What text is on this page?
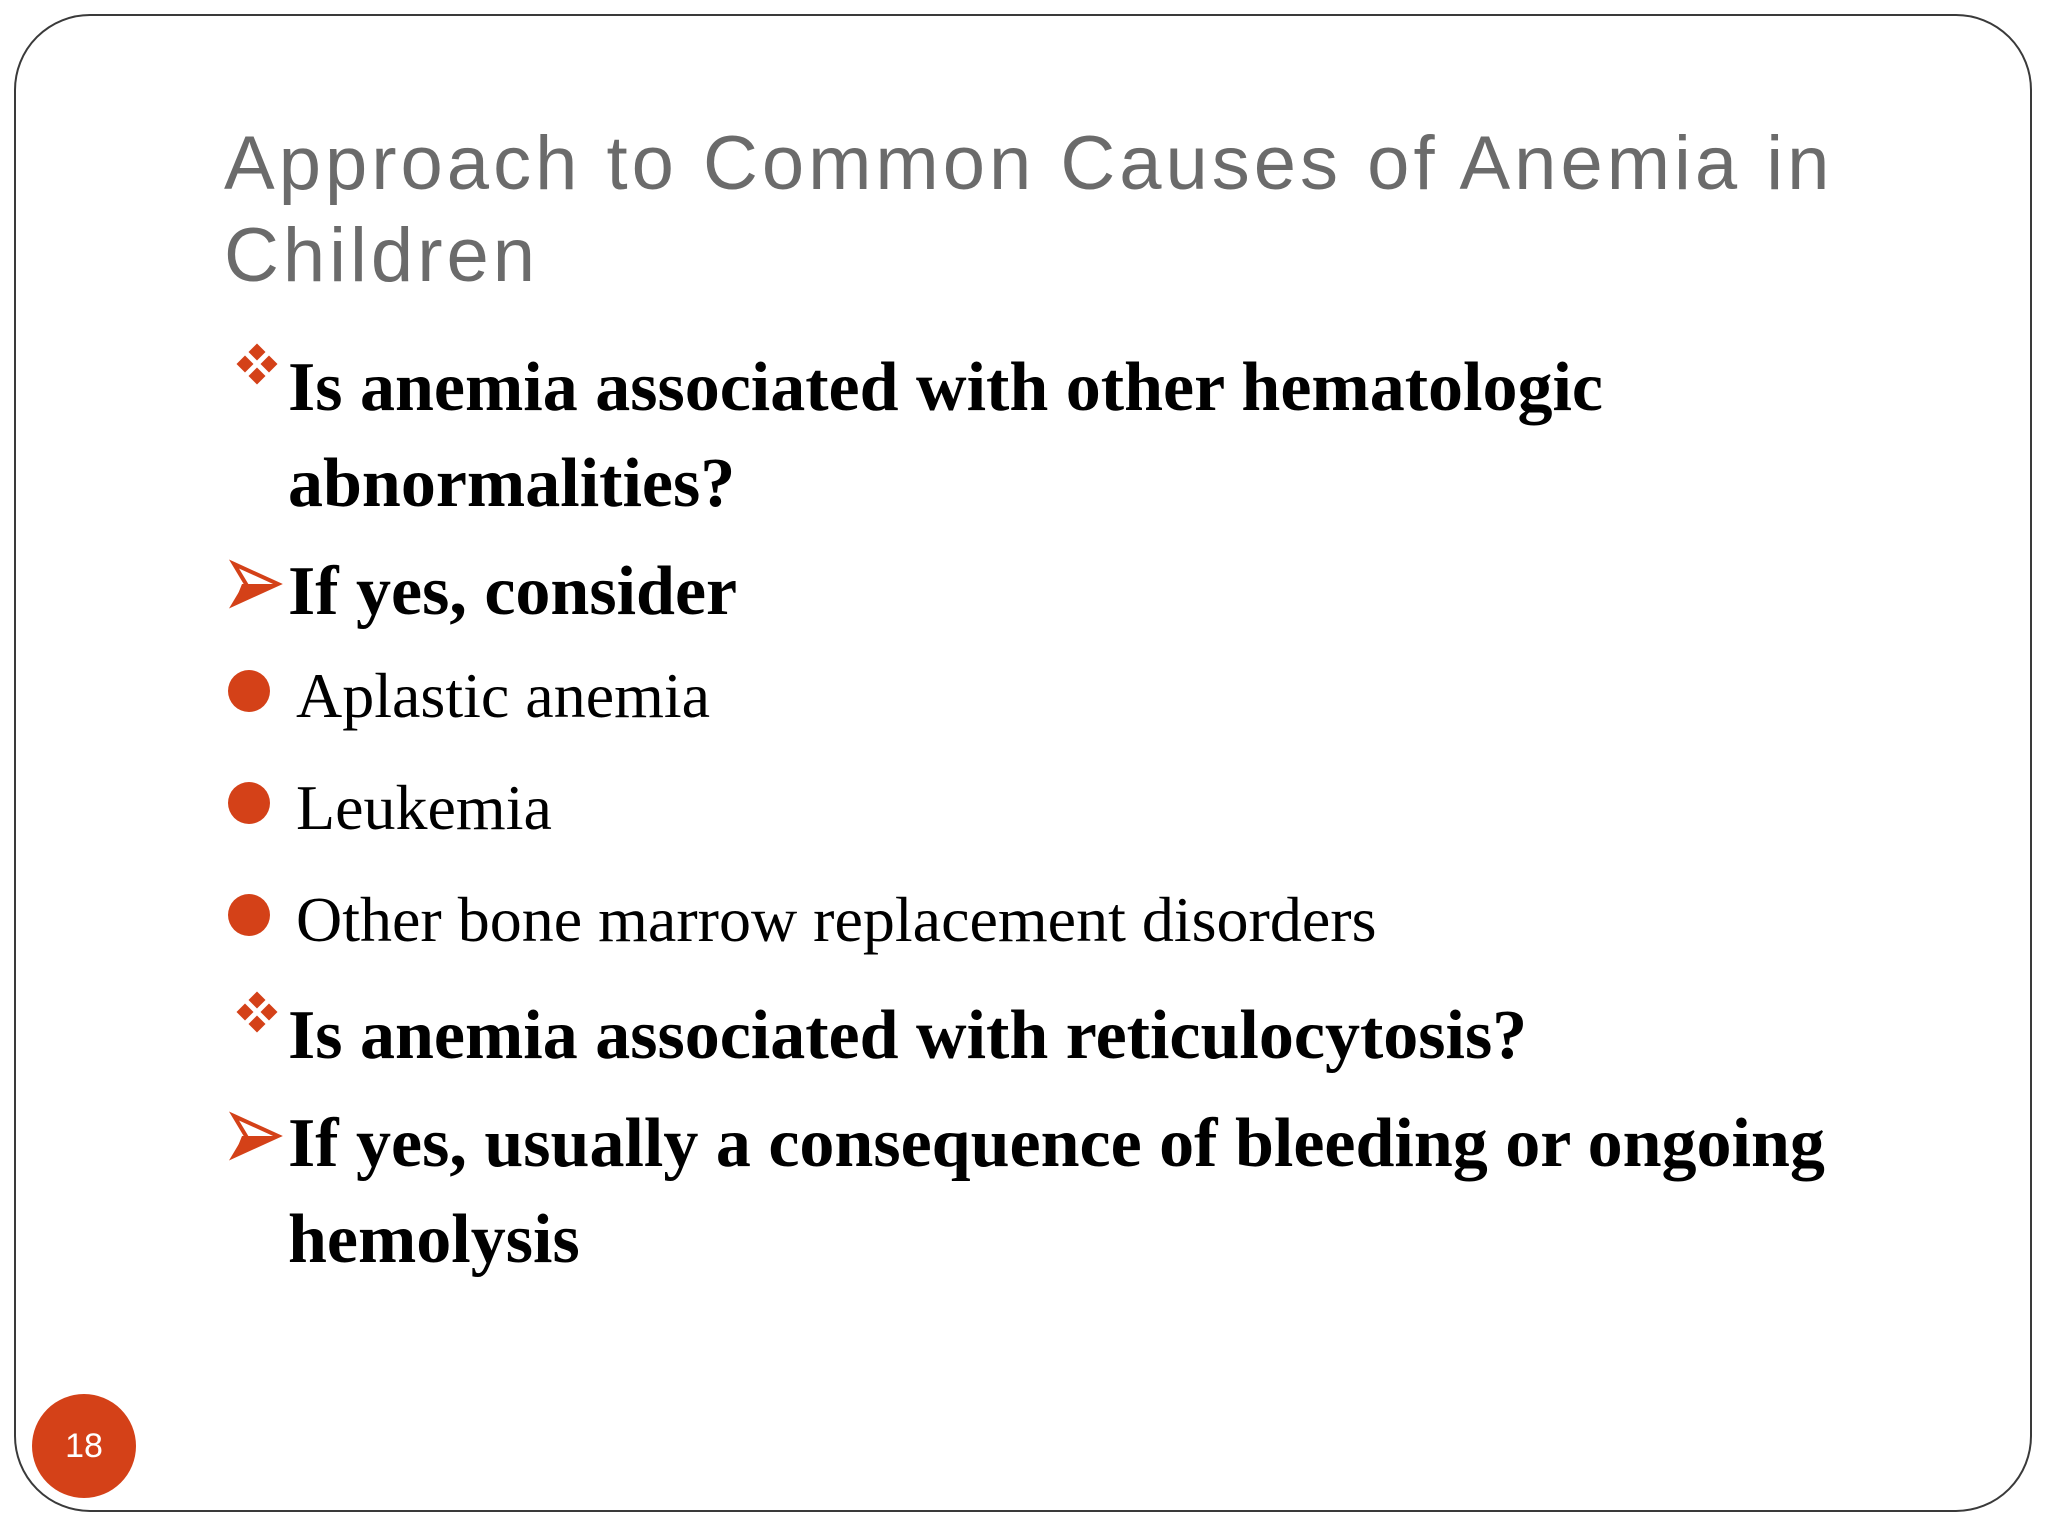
Approach to Common Causes of Anemia in Children
Is anemia associated with other hematologic abnormalities?
If yes, consider
Aplastic anemia
Leukemia
Other bone marrow replacement disorders
Is anemia associated with reticulocytosis?
If yes, usually a consequence of bleeding or ongoing hemolysis
18
